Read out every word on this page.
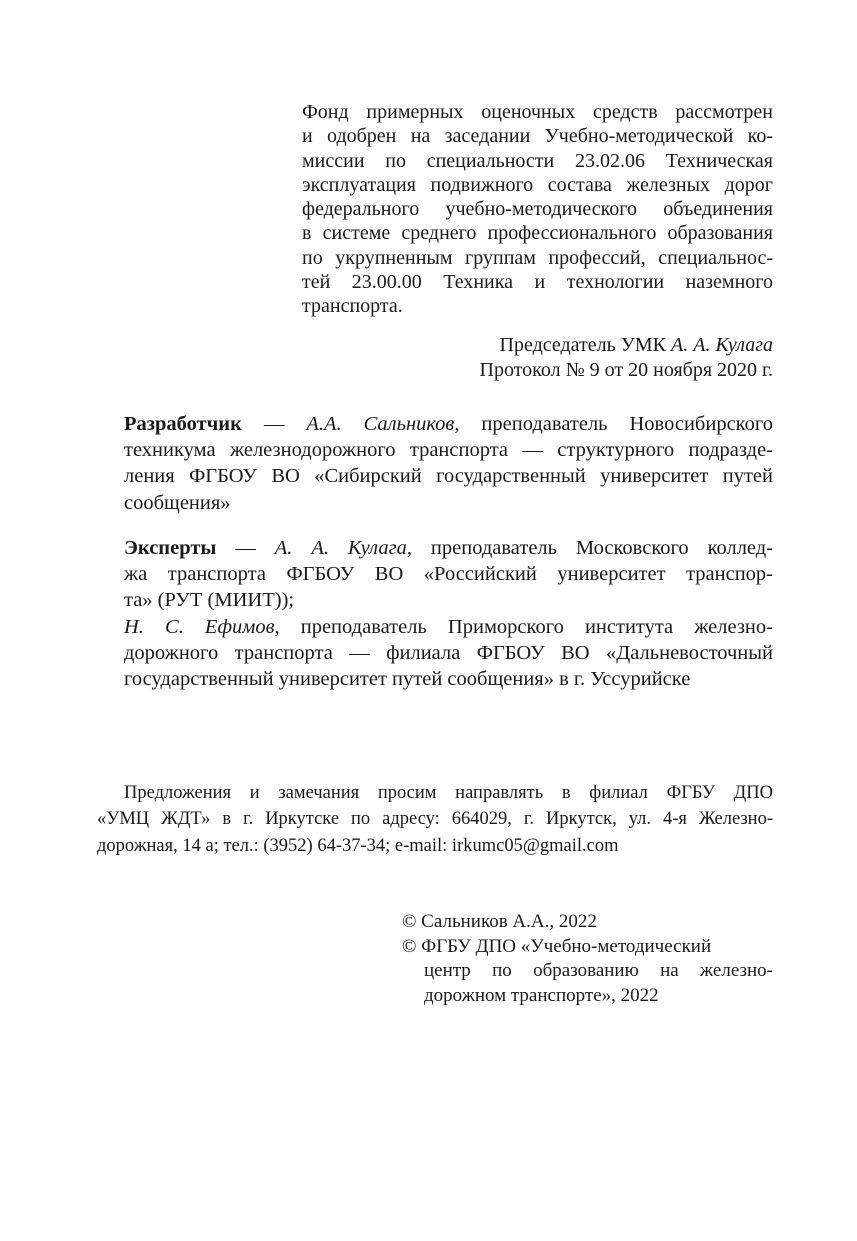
Фонд примерных оценочных средств рассмотрен
и одобрен на заседании Учебно-методической ко-
миссии по специальности 23.02.06 Техническая
эксплуатация подвижного состава железных дорог
федерального учебно-методического объединения
в системе среднего профессионального образования
по укрупненным группам профессий, специальнос-
тей 23.00.00 Техника и технологии наземного
транспорта.
Председатель УМК А. А. Кулага
Протокол № 9 от 20 ноября 2020 г.
Разработчик — А.А. Сальников, преподаватель Новосибирского
техникума железнодорожного транспорта — структурного подразде-
ления ФГБОУ ВО «Сибирский государственный университет путей
сообщения»
Эксперты — А. А. Кулага, преподаватель Московского коллед-
жа транспорта ФГБОУ ВО «Российский университет транспор-
та» (РУТ (МИИТ));
Н. С. Ефимов, преподаватель Приморского института железно-
дорожного транспорта — филиала ФГБОУ ВО «Дальневосточный
государственный университет путей сообщения» в г. Уссурийске
Предложения и замечания просим направлять в филиал ФГБУ ДПО
«УМЦ ЖДТ» в г. Иркутске по адресу: 664029, г. Иркутск, ул. 4-я Железно-
дорожная, 14 а; тел.: (3952) 64-37-34; e-mail: irkumc05@gmail.com
© Сальников А.А., 2022
© ФГБУ ДПО «Учебно-методический
центр по образованию на железно-
дорожном транспорте», 2022
